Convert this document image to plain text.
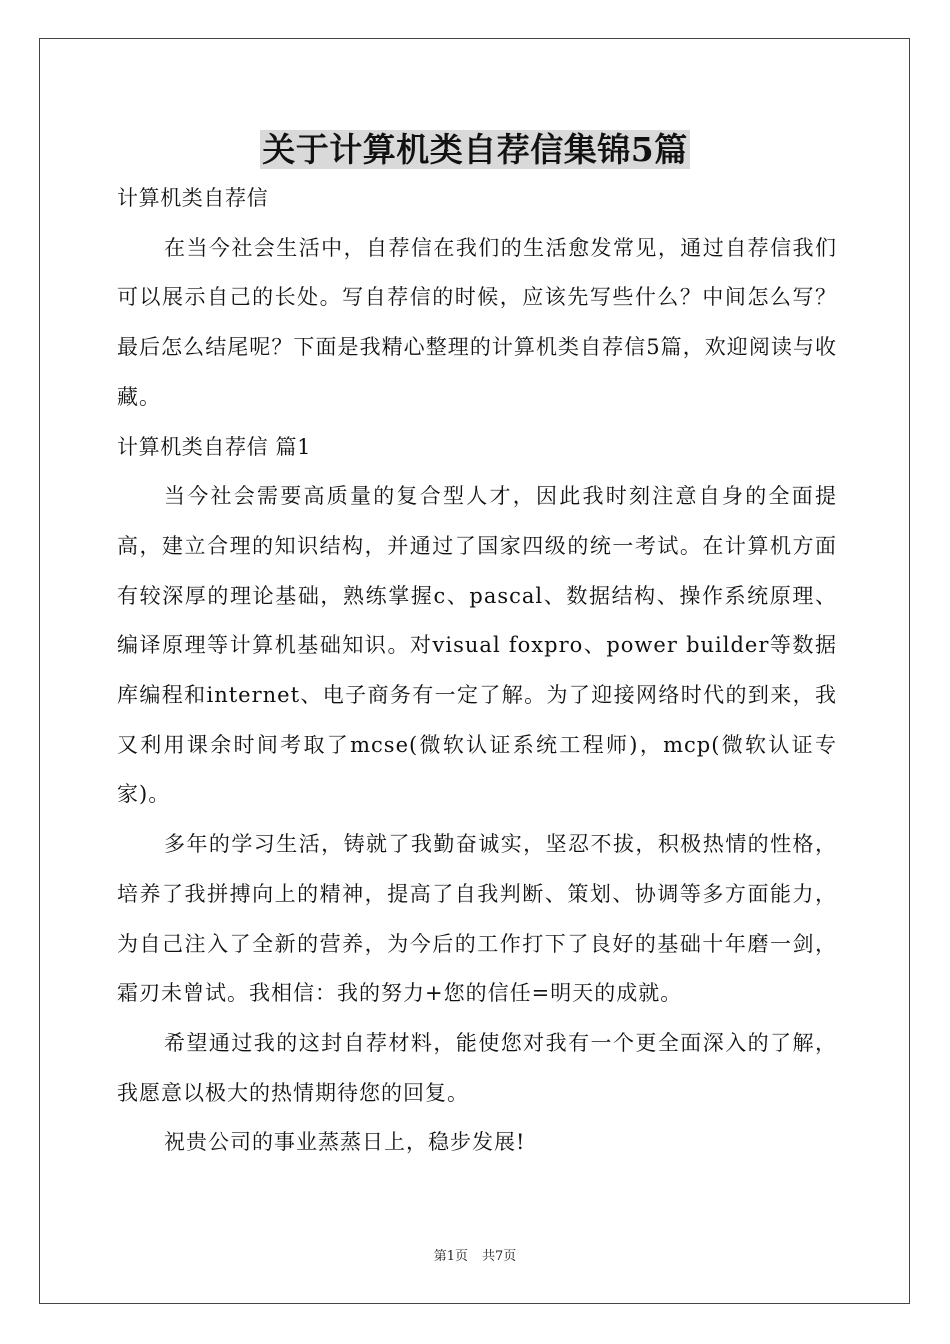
关于计算机类自荐信集锦5篇

计算机类自荐信

在当今社会生活中，自荐信在我们的生活愈发常见，通过自荐信我们可以展示自己的长处。写自荐信的时候，应该先写些什么？中间怎么写？最后怎么结尾呢？下面是我精心整理的计算机类自荐信5篇，欢迎阅读与收藏。

计算机类自荐信 篇1

当今社会需要高质量的复合型人才，因此我时刻注意自身的全面提高，建立合理的知识结构，并通过了国家四级的统一考试。在计算机方面有较深厚的理论基础，熟练掌握c、pascal、数据结构、操作系统原理、编译原理等计算机基础知识。对visual foxpro、power builder等数据库编程和internet、电子商务有一定了解。为了迎接网络时代的到来，我又利用课余时间考取了mcse(微软认证系统工程师)，mcp(微软认证专家)。

多年的学习生活，铸就了我勤奋诚实，坚忍不拔，积极热情的性格，培养了我拼搏向上的精神，提高了自我判断、策划、协调等多方面能力，为自己注入了全新的营养，为今后的工作打下了良好的基础十年磨一剑，霜刃未曾试。我相信：我的努力+您的信任=明天的成就。

希望通过我的这封自荐材料，能使您对我有一个更全面深入的了解，我愿意以极大的热情期待您的回复。

祝贵公司的事业蒸蒸日上，稳步发展!

第1页 共7页
